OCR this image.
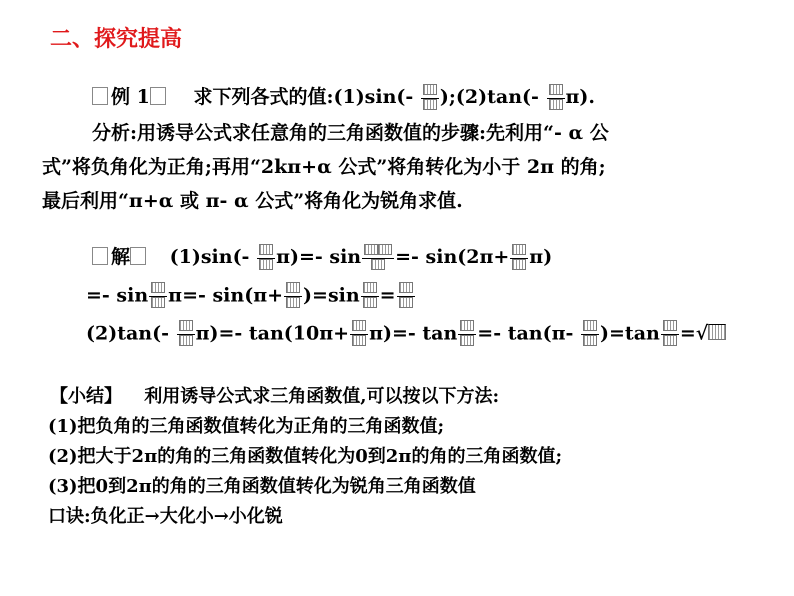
二、探究提高
例 1 求下列各式的值:(1)sin(-
);(2)tan(-
π).
分析:用诱导公式求任意角的三角函数值的步骤:先利用“- α 公
式”将负角化为正角;再用“2kπ+α 公式”将角转化为小于 2π 的角;
最后利用“π+α 或 π- α 公式”将角化为锐角求值.
解 (1)sin(-
π)=- sin =- sin(2π+ π)
=- sin π=- sin(π+ )=sin =
(2)tan(-
π)=- tan(10π+ π)=- tan =- tan(π-
)=tan =√
【小结】 利用诱导公式求三角函数值,可以按以下方法:
(1)把负角的三角函数值转化为正角的三角函数值;
(2)把大于2π的角的三角函数值转化为0到2π的角的三角函数值;
(3)把0到2π的角的三角函数值转化为锐角三角函数值
口诀:负化正→大化小→小化锐
